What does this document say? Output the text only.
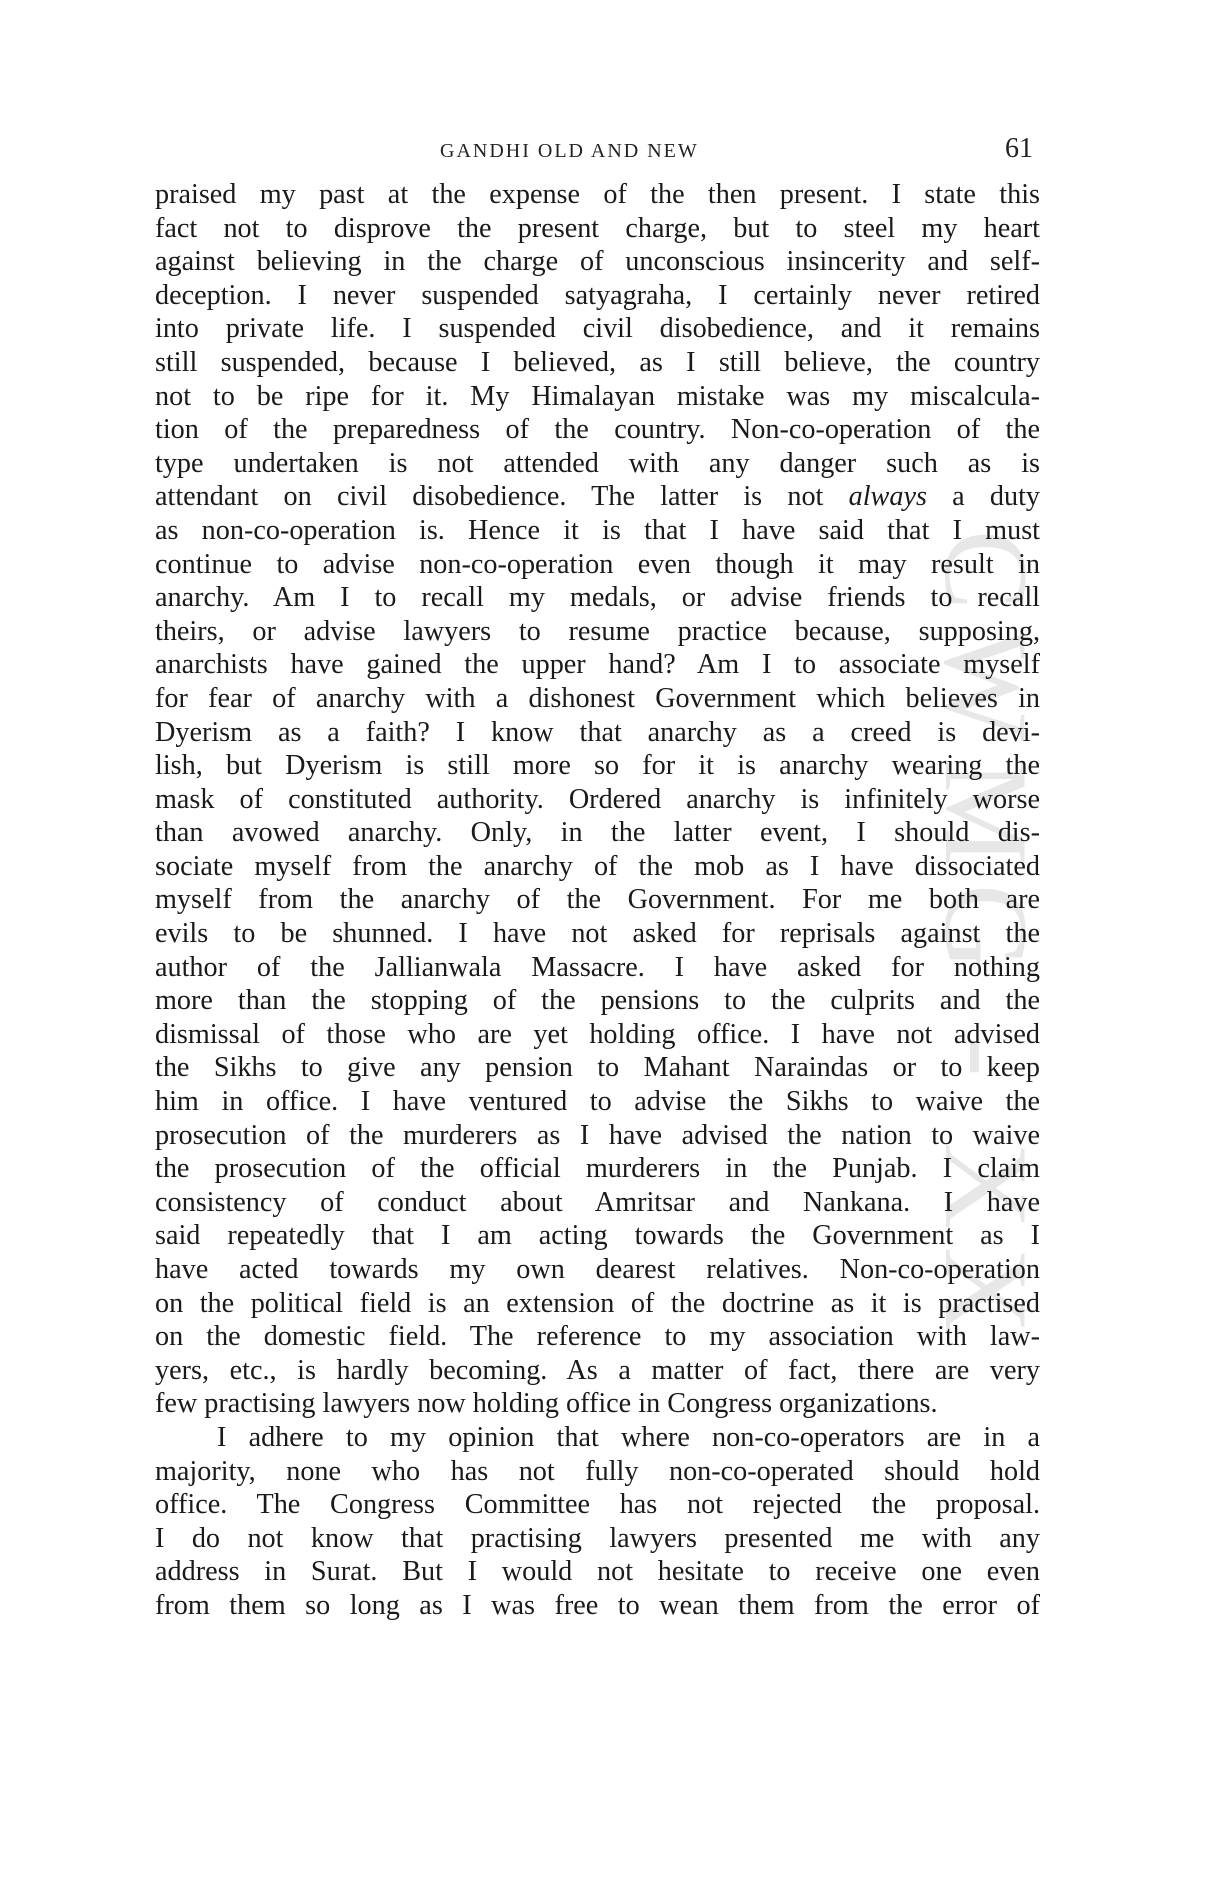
CWMG - XX
GANDHI OLD AND NEW	61
praised my past at the expense of the then present. I state this
fact not to disprove the present charge, but to steel my heart
against believing in the charge of unconscious insincerity and self-
deception. I never suspended satyagraha, I certainly never retired
into private life. I suspended civil disobedience, and it remains
still suspended, because I believed, as I still believe, the country
not to be ripe for it. My Himalayan mistake was my miscalcula-
tion of the preparedness of the country. Non-co-operation of the
type undertaken is not attended with any danger such as is
attendant on civil disobedience. The latter is not always a duty
as non-co-operation is. Hence it is that I have said that I must
continue to advise non-co-operation even though it may result in
anarchy. Am I to recall my medals, or advise friends to recall
theirs, or advise lawyers to resume practice because, supposing,
anarchists have gained the upper hand? Am I to associate myself
for fear of anarchy with a dishonest Government which believes in
Dyerism as a faith? I know that anarchy as a creed is devi-
lish, but Dyerism is still more so for it is anarchy wearing the
mask of constituted authority. Ordered anarchy is infinitely worse
than avowed anarchy. Only, in the latter event, I should dis-
sociate myself from the anarchy of the mob as I have dissociated
myself from the anarchy of the Government. For me both are
evils to be shunned. I have not asked for reprisals against the
author of the Jallianwala Massacre. I have asked for nothing
more than the stopping of the pensions to the culprits and the
dismissal of those who are yet holding office. I have not advised
the Sikhs to give any pension to Mahant Naraindas or to keep
him in office. I have ventured to advise the Sikhs to waive the
prosecution of the murderers as I have advised the nation to waive
the prosecution of the official murderers in the Punjab. I claim
consistency of conduct about Amritsar and Nankana. I have
said repeatedly that I am acting towards the Government as I
have acted towards my own dearest relatives. Non-co-operation
on the political field is an extension of the doctrine as it is practised
on the domestic field. The reference to my association with law-
yers, etc., is hardly becoming. As a matter of fact, there are very
few practising lawyers now holding office in Congress organizations.
I adhere to my opinion that where non-co-operators are in a
majority, none who has not fully non-co-operated should hold
office. The Congress Committee has not rejected the proposal.
I do not know that practising lawyers presented me with any
address in Surat. But I would not hesitate to receive one even
from them so long as I was free to wean them from the error of
